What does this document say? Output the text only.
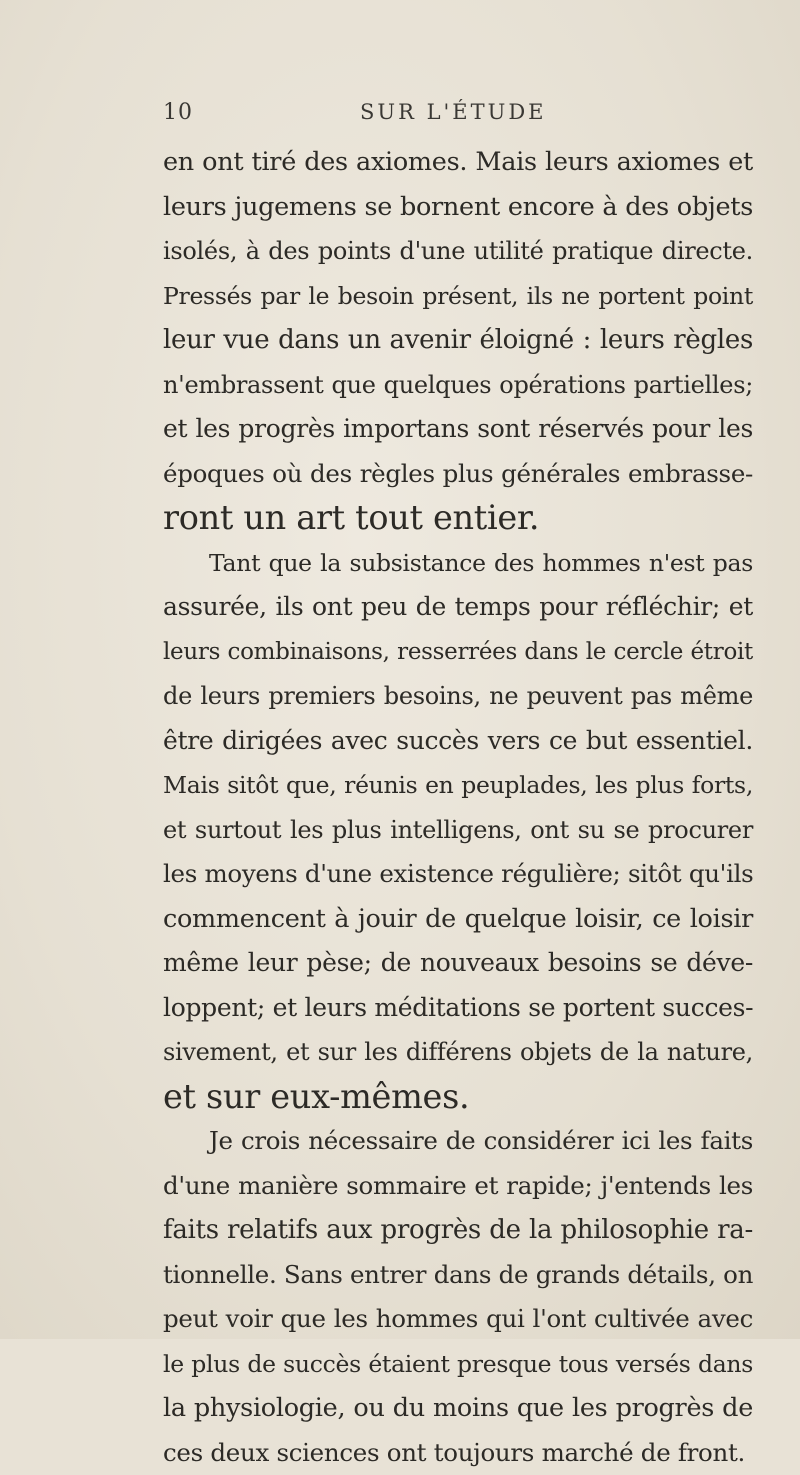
10	SUR L'ÉTUDE
en ont tiré des axiomes. Mais leurs axiomes et
leurs jugemens se bornent encore à des objets
isolés, à des points d'une utilité pratique directe.
Pressés par le besoin présent, ils ne portent point
leur vue dans un avenir éloigné : leurs règles
n'embrassent que quelques opérations partielles;
et les progrès importans sont réservés pour les
époques où des règles plus générales embrasse-
ront un art tout entier.
Tant que la subsistance des hommes n'est pas
assurée, ils ont peu de temps pour réfléchir; et
leurs combinaisons, resserrées dans le cercle étroit
de leurs premiers besoins, ne peuvent pas même
être dirigées avec succès vers ce but essentiel.
Mais sitôt que, réunis en peuplades, les plus forts,
et surtout les plus intelligens, ont su se procurer
les moyens d'une existence régulière; sitôt qu'ils
commencent à jouir de quelque loisir, ce loisir
même leur pèse; de nouveaux besoins se déve-
loppent; et leurs méditations se portent succes-
sivement, et sur les différens objets de la nature,
et sur eux-mêmes.
Je crois nécessaire de considérer ici les faits
d'une manière sommaire et rapide; j'entends les
faits relatifs aux progrès de la philosophie ra-
tionnelle. Sans entrer dans de grands détails, on
peut voir que les hommes qui l'ont cultivée avec
le plus de succès étaient presque tous versés dans
la physiologie, ou du moins que les progrès de
ces deux sciences ont toujours marché de front.
